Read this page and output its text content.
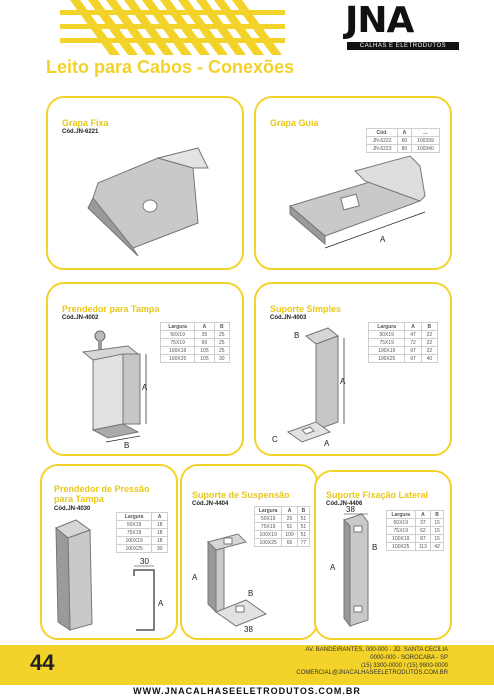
JNA
CALHAS E ELETRODUTOS
Leito para Cabos - Conexões
Grapa Fixa
Cód.JN-6221
Grapa Guia
Cód.	A	...
JN-6222	60	100339
JN-6223	80	100340
A
Prendedor para Tampa
Cód.JN-4002
Largura	A	B
50X19	35	25
75X19	60	25
100X19	105	25
100X25	105	30
A
B
Suporte Simples
Cód.JN-4003
Largura	A	B
50X19	47	22
75X19	72	22
100X19	97	22
100X25	97	40
B
A
C	A
Prendedor de Pressão para Tampa
Cód.JN-4030
Largura	A
50X19	18
75X19	18
100X19	18
100X25	30
30
A
Suporte de Suspensão
Cód.JN-4404
Largura	A	B
50X19	25	51
75X19	51	51
100X19	100	51
100X25	65	77
A
B
38
Suporte Fixação Lateral
Cód.JN-4406
Largura	A	B
50X19	37	15
75X19	62	15
100X19	87	15
100X25	113	42
38
B
A
44	AV. BANDEIRANTES, 000-000 - JD. SANTA CECÍLIA
0000-000 - SOROCABA - SP
(15) 3300-0000 / (15) 9900-0000
COMERCIAL@JNACALHASEELETRODUTOS.COM.BR
WWW.JNACALHASEELETRODUTOS.COM.BR
